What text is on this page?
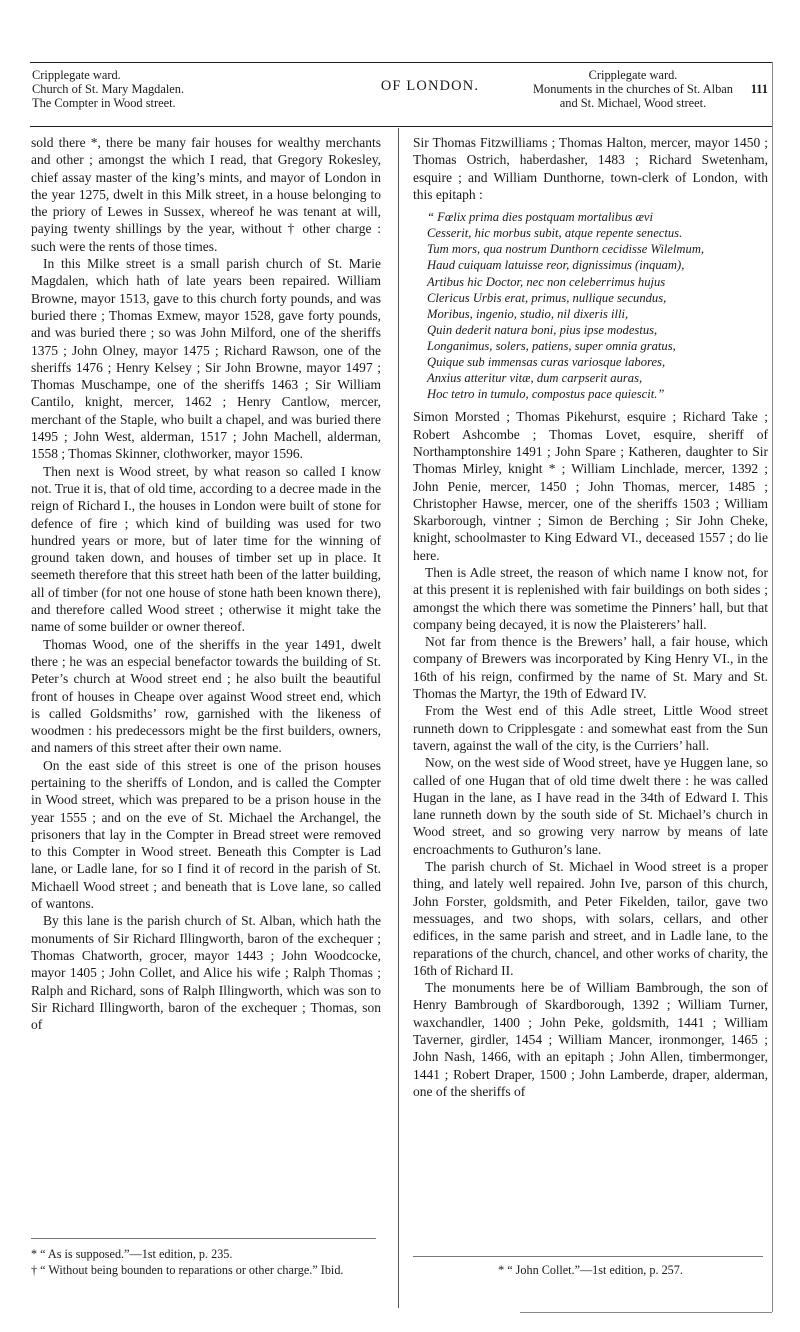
Cripplegate ward.
Church of St. Mary Magdalen.
The Compter in Wood street.
OF LONDON.
Cripplegate ward.
Monuments in the churches of St. Alban
and St. Michael, Wood street.
111

sold there *, there be many fair houses for wealthy merchants and other ; amongst the which I read, that Gregory Rokesley, chief assay master of the king’s mints, and mayor of London in the year 1275, dwelt in this Milk street, in a house belonging to the priory of Lewes in Sussex, whereof he was tenant at will, paying twenty shillings by the year, without † other charge : such were the rents of those times.

In this Milke street is a small parish church of St. Marie Magdalen, which hath of late years been repaired. William Browne, mayor 1513, gave to this church forty pounds, and was buried there ; Thomas Exmew, mayor 1528, gave forty pounds, and was buried there ; so was John Milford, one of the sheriffs 1375 ; John Olney, mayor 1475 ; Richard Rawson, one of the sheriffs 1476 ; Henry Kelsey ; Sir John Browne, mayor 1497 ; Thomas Muschampe, one of the sheriffs 1463 ; Sir William Cantilo, knight, mercer, 1462 ; Henry Cantlow, mercer, merchant of the Staple, who built a chapel, and was buried there 1495 ; John West, alderman, 1517 ; John Machell, alderman, 1558 ; Thomas Skinner, clothworker, mayor 1596.

Then next is Wood street, by what reason so called I know not. True it is, that of old time, according to a decree made in the reign of Richard I., the houses in London were built of stone for defence of fire ; which kind of building was used for two hundred years or more, but of later time for the winning of ground taken down, and houses of timber set up in place. It seemeth therefore that this street hath been of the latter building, all of timber (for not one house of stone hath been known there), and therefore called Wood street ; otherwise it might take the name of some builder or owner thereof.

Thomas Wood, one of the sheriffs in the year 1491, dwelt there ; he was an especial benefactor towards the building of St. Peter’s church at Wood street end ; he also built the beautiful front of houses in Cheape over against Wood street end, which is called Goldsmiths’ row, garnished with the likeness of woodmen : his predecessors might be the first builders, owners, and namers of this street after their own name.

On the east side of this street is one of the prison houses pertaining to the sheriffs of London, and is called the Compter in Wood street, which was prepared to be a prison house in the year 1555 ; and on the eve of St. Michael the Archangel, the prisoners that lay in the Compter in Bread street were removed to this Compter in Wood street. Beneath this Compter is Lad lane, or Ladle lane, for so I find it of record in the parish of St. Michaell Wood street ; and beneath that is Love lane, so called of wantons.

By this lane is the parish church of St. Alban, which hath the monuments of Sir Richard Illingworth, baron of the exchequer ; Thomas Chatworth, grocer, mayor 1443 ; John Woodcocke, mayor 1405 ; John Collet, and Alice his wife ; Ralph Thomas ; Ralph and Richard, sons of Ralph Illingworth, which was son to Sir Richard Illingworth, baron of the exchequer ; Thomas, son of

* “ As is supposed.”—1st edition, p. 235.

† “ Without being bounden to reparations or other charge.” Ibid.

Sir Thomas Fitzwilliams ; Thomas Halton, mercer, mayor 1450 ; Thomas Ostrich, haberdasher, 1483 ; Richard Swetenham, esquire ; and William Dunthorne, town-clerk of London, with this epitaph :

“ Fœlix prima dies postquam mortalibus ævi
Cesserit, hic morbus subit, atque repente senectus.
Tum mors, qua nostrum Dunthorn cecidisse Wilelmum,
Haud cuiquam latuisse reor, dignissimus (inquam),
Artibus hic Doctor, nec non celeberrimus hujus
Clericus Urbis erat, primus, nullique secundus,
Moribus, ingenio, studio, nil dixeris illi,
Quin dederit natura boni, pius ipse modestus,
Longanimus, solers, patiens, super omnia gratus,
Quique sub immensas curas variosque labores,
Anxius atteritur vitæ, dum carpserit auras,
Hoc tetro in tumulo, compostus pace quiescit.”

Simon Morsted ; Thomas Pikehurst, esquire ; Richard Take ; Robert Ashcombe ; Thomas Lovet, esquire, sheriff of Northamptonshire 1491 ; John Spare ; Katheren, daughter to Sir Thomas Mirley, knight * ; William Linchlade, mercer, 1392 ; John Penie, mercer, 1450 ; John Thomas, mercer, 1485 ; Christopher Hawse, mercer, one of the sheriffs 1503 ; William Skarborough, vintner ; Simon de Berching ; Sir John Cheke, knight, schoolmaster to King Edward VI., deceased 1557 ; do lie here.

Then is Adle street, the reason of which name I know not, for at this present it is replenished with fair buildings on both sides ; amongst the which there was sometime the Pinners’ hall, but that company being decayed, it is now the Plaisterers’ hall.

Not far from thence is the Brewers’ hall, a fair house, which company of Brewers was incorporated by King Henry VI., in the 16th of his reign, confirmed by the name of St. Mary and St. Thomas the Martyr, the 19th of Edward IV.

From the West end of this Adle street, Little Wood street runneth down to Cripplesgate : and somewhat east from the Sun tavern, against the wall of the city, is the Curriers’ hall.

Now, on the west side of Wood street, have ye Huggen lane, so called of one Hugan that of old time dwelt there : he was called Hugan in the lane, as I have read in the 34th of Edward I. This lane runneth down by the south side of St. Michael’s church in Wood street, and so growing very narrow by means of late encroachments to Guthuron’s lane.

The parish church of St. Michael in Wood street is a proper thing, and lately well repaired. John Ive, parson of this church, John Forster, goldsmith, and Peter Fikelden, tailor, gave two messuages, and two shops, with solars, cellars, and other edifices, in the same parish and street, and in Ladle lane, to the reparations of the church, chancel, and other works of charity, the 16th of Richard II.

The monuments here be of William Bambrough, the son of Henry Bambrough of Skardborough, 1392 ; William Turner, waxchandler, 1400 ; John Peke, goldsmith, 1441 ; William Taverner, girdler, 1454 ; William Mancer, ironmonger, 1465 ; John Nash, 1466, with an epitaph ; John Allen, timbermonger, 1441 ; Robert Draper, 1500 ; John Lamberde, draper, alderman, one of the sheriffs of

* “ John Collet.”—1st edition, p. 257.
